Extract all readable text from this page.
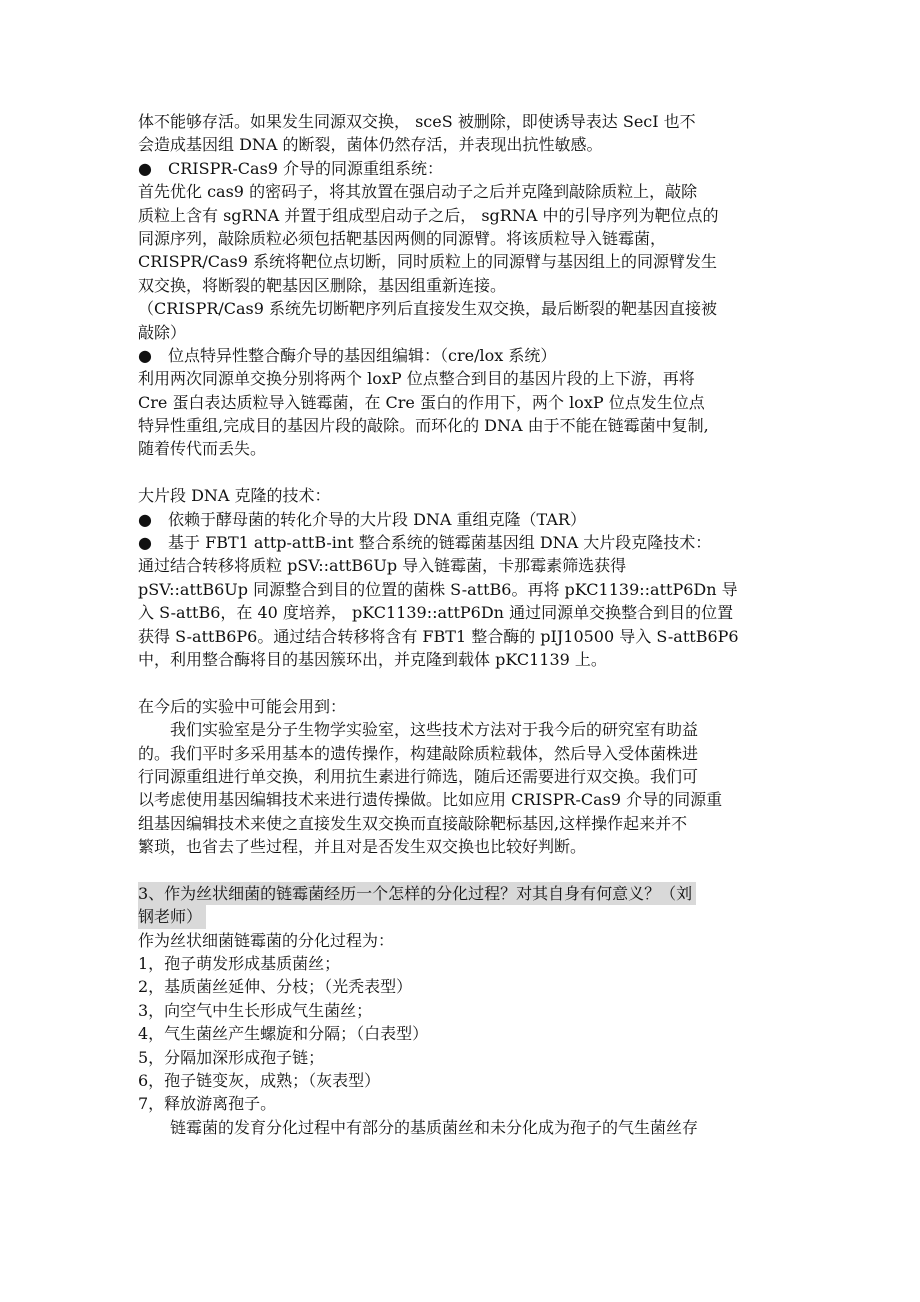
体不能够存活。如果发生同源双交换， sceS 被删除，即使诱导表达 SecI 也不
会造成基因组 DNA 的断裂，菌体仍然存活，并表现出抗性敏感。
● CRISPR-Cas9 介导的同源重组系统：
首先优化 cas9 的密码子，将其放置在强启动子之后并克隆到敲除质粒上，敲除
质粒上含有 sgRNA 并置于组成型启动子之后， sgRNA 中的引导序列为靶位点的
同源序列，敲除质粒必须包括靶基因两侧的同源臂。将该质粒导入链霉菌，
CRISPR/Cas9 系统将靶位点切断，同时质粒上的同源臂与基因组上的同源臂发生
双交换，将断裂的靶基因区删除，基因组重新连接。
（CRISPR/Cas9 系统先切断靶序列后直接发生双交换，最后断裂的靶基因直接被
敲除）
● 位点特异性整合酶介导的基因组编辑：（cre/lox 系统）
利用两次同源单交换分别将两个 loxP 位点整合到目的基因片段的上下游，再将
Cre 蛋白表达质粒导入链霉菌，在 Cre 蛋白的作用下，两个 loxP 位点发生位点
特异性重组,完成目的基因片段的敲除。而环化的 DNA 由于不能在链霉菌中复制,
随着传代而丢失。
大片段 DNA 克隆的技术：
● 依赖于酵母菌的转化介导的大片段 DNA 重组克隆（TAR）
● 基于 FBT1 attp-attB-int 整合系统的链霉菌基因组 DNA 大片段克隆技术：
通过结合转移将质粒 pSV::attB6Up 导入链霉菌，卡那霉素筛选获得
pSV::attB6Up 同源整合到目的位置的菌株 S-attB6。再将 pKC1139::attP6Dn 导
入 S-attB6，在 40 度培养， pKC1139::attP6Dn 通过同源单交换整合到目的位置
获得 S-attB6P6。通过结合转移将含有 FBT1 整合酶的 pIJ10500 导入 S-attB6P6
中，利用整合酶将目的基因簇环出，并克隆到载体 pKC1139 上。
在今后的实验中可能会用到：
我们实验室是分子生物学实验室，这些技术方法对于我今后的研究室有助益
的。我们平时多采用基本的遗传操作，构建敲除质粒载体，然后导入受体菌株进
行同源重组进行单交换，利用抗生素进行筛选，随后还需要进行双交换。我们可
以考虑使用基因编辑技术来进行遗传操做。比如应用 CRISPR-Cas9 介导的同源重
组基因编辑技术来使之直接发生双交换而直接敲除靶标基因,这样操作起来并不
繁琐，也省去了些过程，并且对是否发生双交换也比较好判断。
3、作为丝状细菌的链霉菌经历一个怎样的分化过程？对其自身有何意义？（刘
钢老师）
作为丝状细菌链霉菌的分化过程为：
1，孢子萌发形成基质菌丝；
2，基质菌丝延伸、分枝；（光秃表型）
3，向空气中生长形成气生菌丝；
4，气生菌丝产生螺旋和分隔；（白表型）
5，分隔加深形成孢子链；
6，孢子链变灰，成熟；（灰表型）
7，释放游离孢子。
链霉菌的发育分化过程中有部分的基质菌丝和未分化成为孢子的气生菌丝存
